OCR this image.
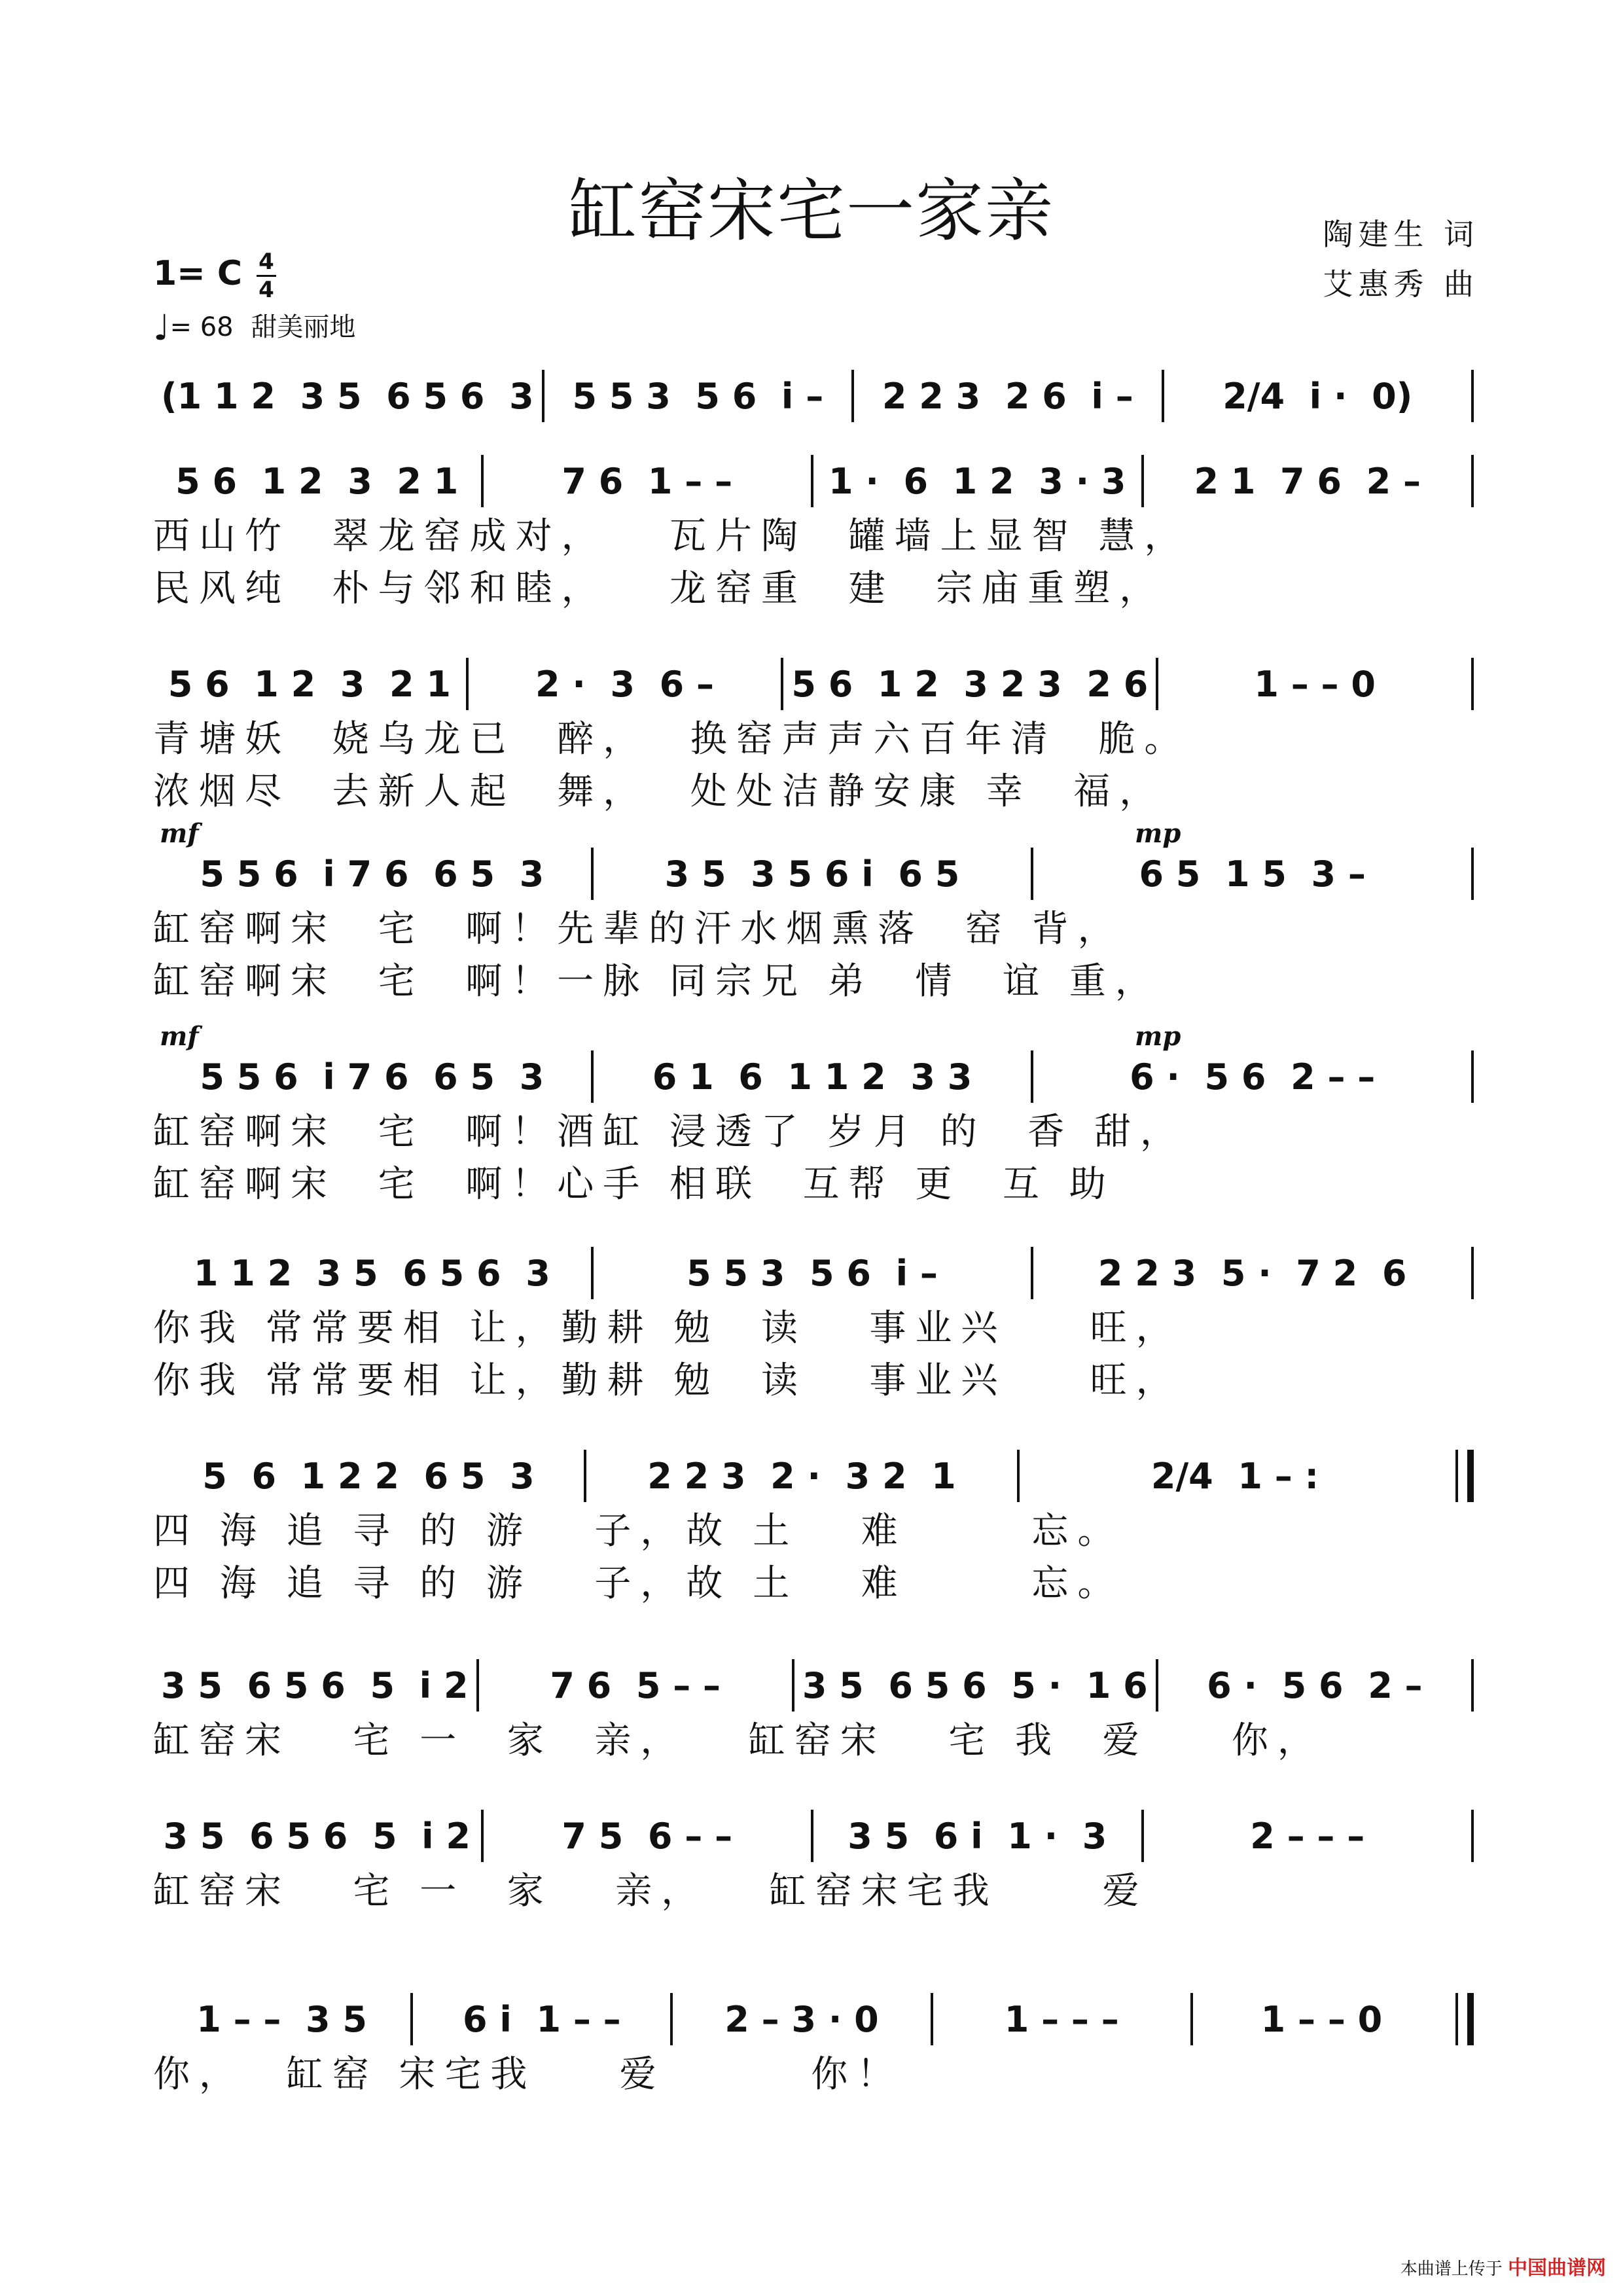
缸窑宋宅一家亲	陶建生 词
艾惠秀 曲
1= C 4
4
♩= 68 甜美丽地
(1 1 2  3 5  6 5 6  3	5 5 3  5 6  i –	2 2 3  2 6  i –	2/4  i ·  0)
5 6  1 2  3  2 1	7 6  1 – –	1 ·  6  1 2  3 · 3	2 1  7 6  2 –
西山竹  翠龙窑成对，   瓦片陶  罐墙上显智 慧，
民风纯  朴与邻和睦，   龙窑重  建  宗庙重塑，
5 6  1 2  3  2 1	2 ·  3  6 –	5 6  1 2  3 2 3  2 6	1 – – 0
青塘妖  娆乌龙已  醉，  换窑声声六百年清  脆。
浓烟尽  去新人起  舞，  处处洁静安康 幸  福，
mf	mp
5 5 6  i 7 6  6 5  3	3 5  3 5 6 i  6 5	6 5  1 5  3 –
缸窑啊宋  宅  啊！先辈的汗水烟熏落  窑 背，
缸窑啊宋  宅  啊！一脉 同宗兄 弟  情  谊 重，
mf	mp
5 5 6  i 7 6  6 5  3	6 1  6  1 1 2  3 3	6 ·  5 6  2 – –
缸窑啊宋  宅  啊！酒缸 浸透了 岁月 的  香 甜，
缸窑啊宋  宅  啊！心手 相联  互帮 更  互 助
1 1 2  3 5  6 5 6  3	5 5 3  5 6  i –	2 2 3  5 ·  7 2  6
你我 常常要相 让，勤耕 勉  读   事业兴    旺，
你我 常常要相 让，勤耕 勉  读   事业兴    旺，
5  6  1 2 2  6 5  3	2 2 3  2 ·  3 2  1	2/4  1 – :
四 海 追 寻 的 游   子，故 土   难      忘。
四 海 追 寻 的 游   子，故 土   难      忘。
3 5  6 5 6  5  i 2	7 6  5 – –	3 5  6 5 6  5 ·  1 6	6 ·  5 6  2 –
缸窑宋   宅 一  家  亲，   缸窑宋   宅 我  爱    你，
3 5  6 5 6  5  i 2	7 5  6 – –	3 5  6 i  1 ·  3	2 – – –
缸窑宋   宅 一  家   亲，   缸窑宋宅我     爱
1 – –  3 5	6 i  1 – –	2 – 3 · 0	1 – – –	1 – – 0
你，  缸窑 宋宅我    爱       你！
本曲谱上传于 中国曲谱网
